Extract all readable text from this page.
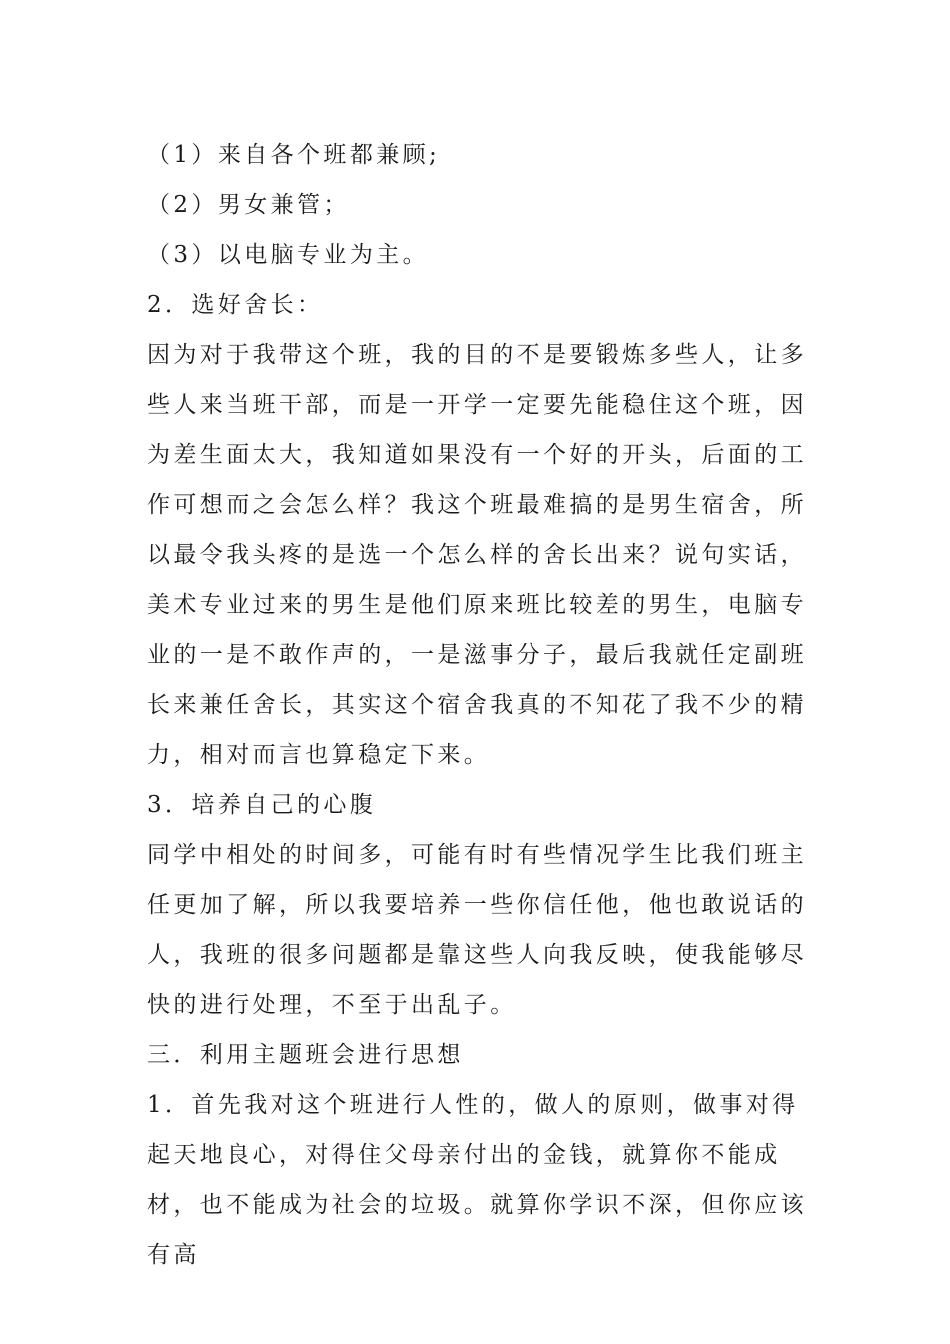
（1）来自各个班都兼顾;

（2）男女兼管；

（3）以电脑专业为主。

2．选好舍长：

因为对于我带这个班，我的目的不是要锻炼多些人，让多些人来当班干部，而是一开学一定要先能稳住这个班，因为差生面太大，我知道如果没有一个好的开头，后面的工作可想而之会怎么样？我这个班最难搞的是男生宿舍，所以最令我头疼的是选一个怎么样的舍长出来？说句实话，美术专业过来的男生是他们原来班比较差的男生，电脑专业的一是不敢作声的，一是滋事分子，最后我就任定副班长来兼任舍长，其实这个宿舍我真的不知花了我不少的精力，相对而言也算稳定下来。

3．培养自己的心腹

同学中相处的时间多，可能有时有些情况学生比我们班主任更加了解，所以我要培养一些你信任他，他也敢说话的人，我班的很多问题都是靠这些人向我反映，使我能够尽快的进行处理，不至于出乱子。

三．利用主题班会进行思想

1．首先我对这个班进行人性的，做人的原则，做事对得起天地良心，对得住父母亲付出的金钱，就算你不能成材，也不能成为社会的垃圾。就算你学识不深，但你应该有高
